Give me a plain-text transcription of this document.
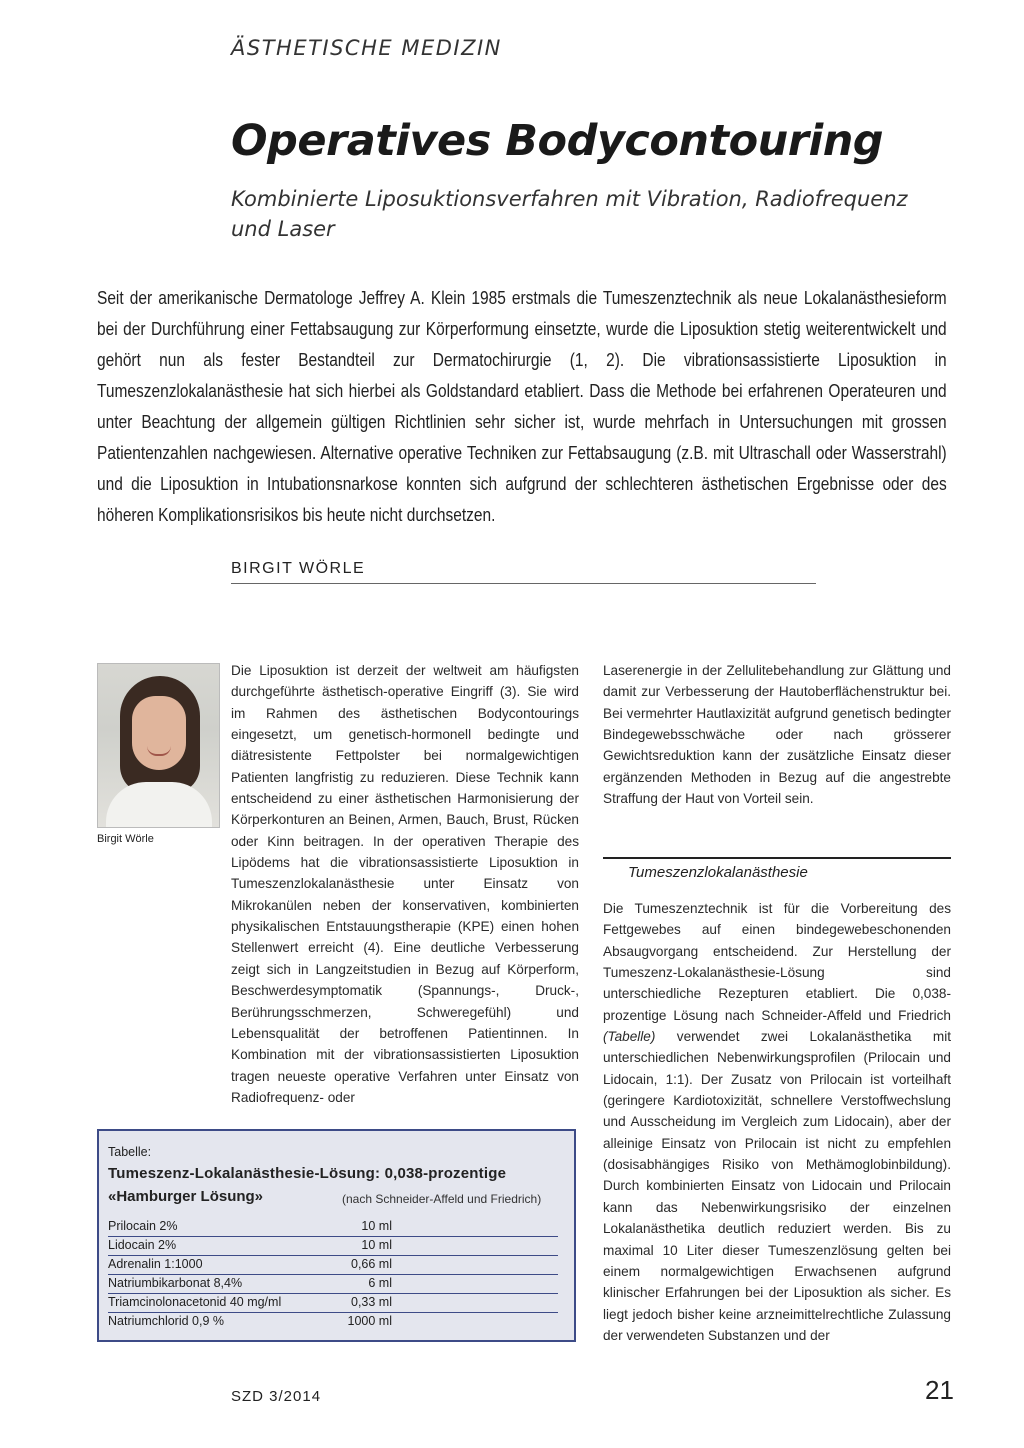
ÄSTHETISCHE MEDIZIN
Operatives Bodycontouring
Kombinierte Liposuktionsverfahren mit Vibration, Radiofrequenz und Laser
Seit der amerikanische Dermatologe Jeffrey A. Klein 1985 erstmals die Tumeszenztechnik als neue Lokalanästhesieform bei der Durchführung einer Fettabsaugung zur Körperformung einsetzte, wurde die Liposuktion stetig weiterentwickelt und gehört nun als fester Bestandteil zur Dermatochirurgie (1, 2). Die vibrationsassistierte Liposuktion in Tumeszenzlokalanästhesie hat sich hierbei als Goldstandard etabliert. Dass die Methode bei erfahrenen Operateuren und unter Beachtung der allgemein gültigen Richtlinien sehr sicher ist, wurde mehrfach in Untersuchungen mit grossen Patientenzahlen nachgewiesen. Alternative operative Techniken zur Fettabsaugung (z.B. mit Ultraschall oder Wasserstrahl) und die Liposuktion in Intubationsnarkose konnten sich aufgrund der schlechteren ästhetischen Ergebnisse oder des höheren Komplikationsrisikos bis heute nicht durchsetzen.
BIRGIT WÖRLE
Birgit Wörle

Die Liposuktion ist derzeit der weltweit am häufigsten durchgeführte ästhetisch-operative Eingriff (3). Sie wird im Rahmen des ästhetischen Bodycontourings eingesetzt, um genetisch-hormonell bedingte und diätresistente Fettpolster bei normalgewichtigen Patienten langfristig zu reduzieren. Diese Technik kann entscheidend zu einer ästhetischen Harmonisierung der Körperkonturen an Beinen, Armen, Bauch, Brust, Rücken oder Kinn beitragen. In der operativen Therapie des Lipödems hat die vibrationsassistierte Liposuktion in Tumeszenzlokalanästhesie unter Einsatz von Mikrokanülen neben der konservativen, kombinierten physikalischen Entstauungstherapie (KPE) einen hohen Stellenwert erreicht (4). Eine deutliche Verbesserung zeigt sich in Langzeitstudien in Bezug auf Körperform, Beschwerdesymptomatik (Spannungs-, Druck-, Berührungsschmerzen, Schweregefühl) und Lebensqualität der betroffenen Patientinnen. In Kombination mit der vibrationsassistierten Liposuktion tragen neueste operative Verfahren unter Einsatz von Radiofrequenz- oder

Laserenergie in der Zellulitebehandlung zur Glättung und damit zur Verbesserung der Hautoberflächenstruktur bei. Bei vermehrter Hautlaxizität aufgrund genetisch bedingter Bindegewebsschwäche oder nach grösserer Gewichtsreduktion kann der zusätzliche Einsatz dieser ergänzenden Methoden in Bezug auf die angestrebte Straffung der Haut von Vorteil sein.

Tumeszenzlokalanästhesie

Die Tumeszenztechnik ist für die Vorbereitung des Fettgewebes auf einen bindegewebeschonenden Absaugvorgang entscheidend. Zur Herstellung der Tumeszenz-Lokalanästhesie-Lösung sind unterschiedliche Rezepturen etabliert. Die 0,038-prozentige Lösung nach Schneider-Affeld und Friedrich (Tabelle) verwendet zwei Lokalanästhetika mit unterschiedlichen Nebenwirkungsprofilen (Prilocain und Lidocain, 1:1). Der Zusatz von Prilocain ist vorteilhaft (geringere Kardiotoxizität, schnellere Verstoffwechslung und Ausscheidung im Vergleich zum Lidocain), aber der alleinige Einsatz von Prilocain ist nicht zu empfehlen (dosisabhängiges Risiko von Methämoglobinbildung). Durch kombinierten Einsatz von Lidocain und Prilocain kann das Nebenwirkungsrisiko der einzelnen Lokalanästhetika deutlich reduziert werden. Bis zu maximal 10 Liter dieser Tumeszenzlösung gelten bei einem normalgewichtigen Erwachsenen aufgrund klinischer Erfahrungen bei der Liposuktion als sicher. Es liegt jedoch bisher keine arzneimittelrechtliche Zulassung der verwendeten Substanzen und der

Tabelle:
Tumeszenz-Lokalanästhesie-Lösung: 0,038-prozentige
«Hamburger Lösung»	(nach Schneider-Affeld und Friedrich)
Prilocain 2%	10 ml
Lidocain 2%	10 ml
Adrenalin 1:1000	0,66 ml
Natriumbikarbonat 8,4%	6 ml
Triamcinolonacetonid 40 mg/ml	0,33 ml
Natriumchlorid 0,9 %	1000 ml
SZD 3/2014	21
